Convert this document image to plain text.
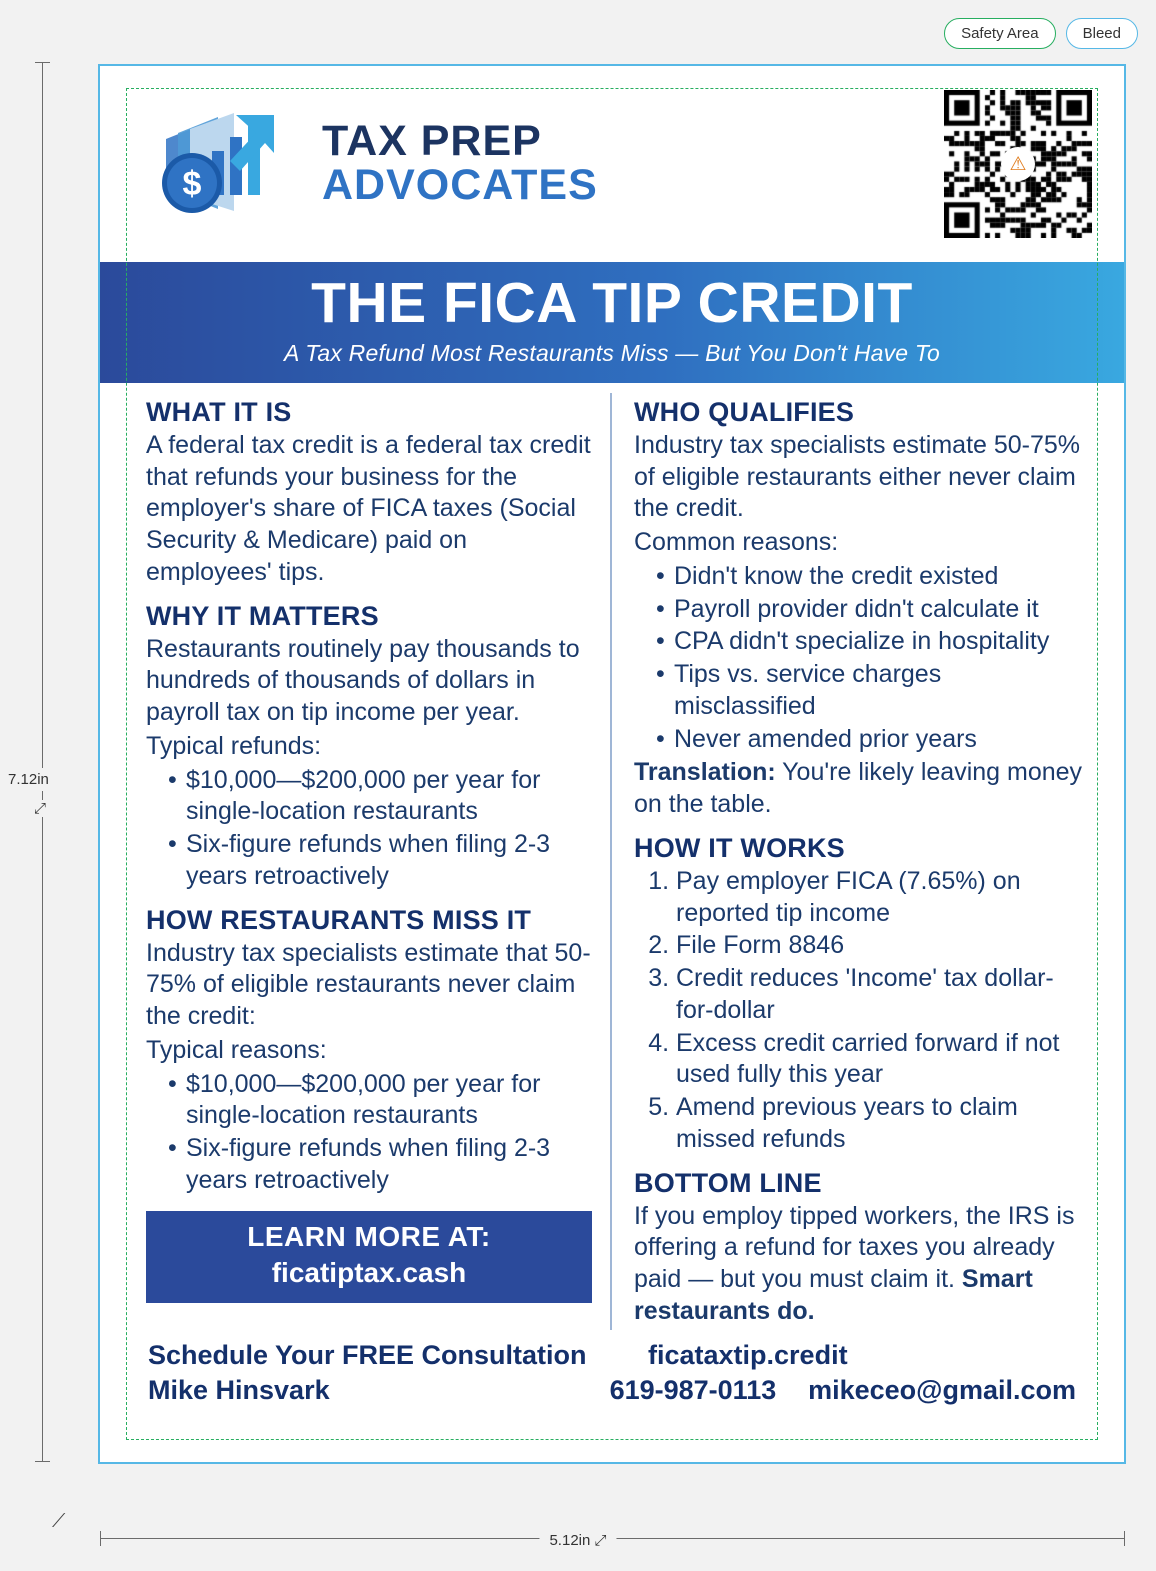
Safety Area	Bleed
7.12in
⤢
5.12in ⤢
⟋
$
TAX PREP
ADVOCATES	⚠
THE FICA TIP CREDIT
A Tax Refund Most Restaurants Miss — But You Don't Have To
WHAT IT IS

A federal tax credit is a federal tax credit that refunds your business for the employer's share of FICA taxes (Social Security & Medicare) paid on employees' tips.

WHY IT MATTERS

Restaurants routinely pay thousands to hundreds of thousands of dollars in payroll tax on tip income per year.

Typical refunds:

• $10,000—$200,000 per year for single-location restaurants
• Six-figure refunds when filing 2-3 years retroactively
HOW RESTAURANTS MISS IT

Industry tax specialists estimate that 50-75% of eligible restaurants never claim the credit:

Typical reasons:

• $10,000—$200,000 per year for single-location restaurants
• Six-figure refunds when filing 2-3 years retroactively
LEARN MORE AT:
ficatiptax.cash
WHO QUALIFIES

Industry tax specialists estimate 50-75% of eligible restaurants either never claim the credit.

Common reasons:

• Didn't know the credit existed
• Payroll provider didn't calculate it
• CPA didn't specialize in hospitality
• Tips vs. service charges misclassified
• Never amended prior years

Translation: You're likely leaving money on the table.

HOW IT WORKS
1. Pay employer FICA (7.65%) on reported tip income
2. File Form 8846
3. Credit reduces 'Income' tax dollar-for-dollar
4. Excess credit carried forward if not used fully this year
5. Amend previous years to claim missed refunds
BOTTOM LINE

If you employ tipped workers, the IRS is offering a refund for taxes you already paid — but you must claim it. Smart restaurants do.

Schedule Your FREE Consultation	ficataxtip.credit
Mike Hinsvark	619-987-0113	mikeceo@gmail.com
